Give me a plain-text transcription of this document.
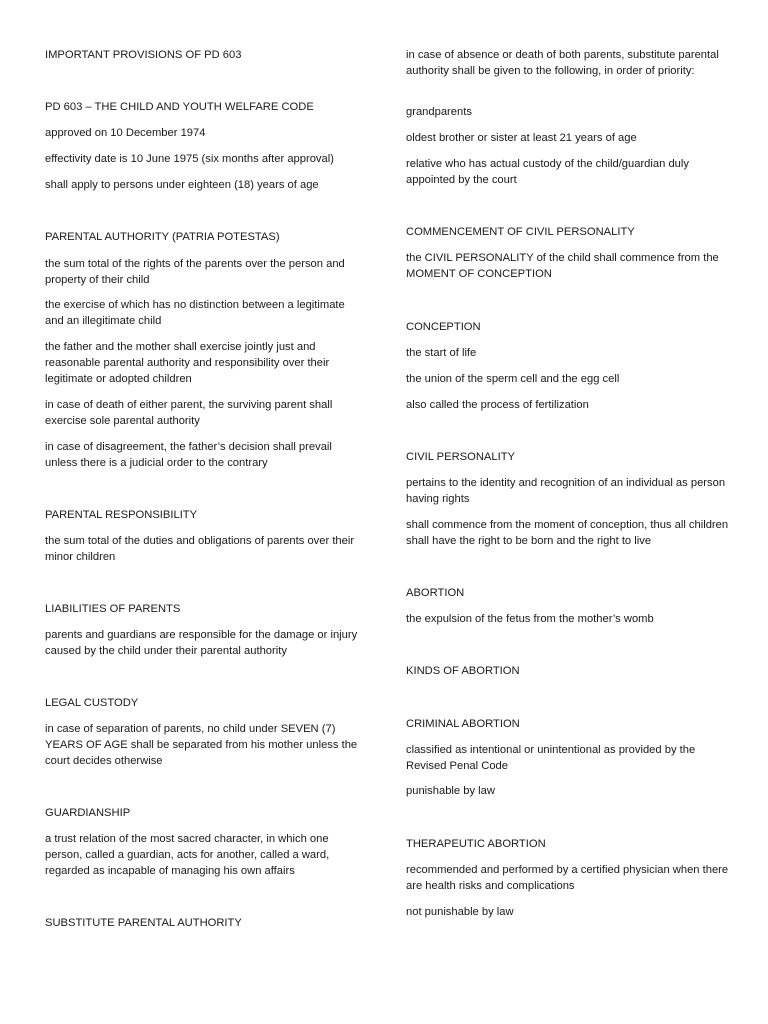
IMPORTANT PROVISIONS OF PD 603

PD 603 – THE CHILD AND YOUTH WELFARE CODE

approved on 10 December 1974

effectivity date is 10 June 1975 (six months after approval)

shall apply to persons under eighteen (18) years of age

PARENTAL AUTHORITY (PATRIA POTESTAS)

the sum total of the rights of the parents over the person and property of their child

the exercise of which has no distinction between a legitimate and an illegitimate child

the father and the mother shall exercise jointly just and reasonable parental authority and responsibility over their legitimate or adopted children

in case of death of either parent, the surviving parent shall exercise sole parental authority

in case of disagreement, the father’s decision shall prevail unless there is a judicial order to the contrary

PARENTAL RESPONSIBILITY

the sum total of the duties and obligations of parents over their minor children

LIABILITIES OF PARENTS

parents and guardians are responsible for the damage or injury caused by the child under their parental authority

LEGAL CUSTODY

in case of separation of parents, no child under SEVEN (7) YEARS OF AGE shall be separated from his mother unless the court decides otherwise

GUARDIANSHIP

a trust relation of the most sacred character, in which one person, called a guardian, acts for another, called a ward, regarded as incapable of managing his own affairs

SUBSTITUTE PARENTAL AUTHORITY

in case of absence or death of both parents, substitute parental authority shall be given to the following, in order of priority:

grandparents

oldest brother or sister at least 21 years of age

relative who has actual custody of the child/guardian duly appointed by the court

COMMENCEMENT OF CIVIL PERSONALITY

the CIVIL PERSONALITY of the child shall commence from the MOMENT OF CONCEPTION

CONCEPTION

the start of life

the union of the sperm cell and the egg cell

also called the process of fertilization

CIVIL PERSONALITY

pertains to the identity and recognition of an individual as person having rights

shall commence from the moment of conception, thus all children shall have the right to be born and the right to live

ABORTION

the expulsion of the fetus from the mother’s womb

KINDS OF ABORTION

CRIMINAL ABORTION

classified as intentional or unintentional as provided by the Revised Penal Code

punishable by law

THERAPEUTIC ABORTION

recommended and performed by a certified physician when there are health risks and complications

not punishable by law
